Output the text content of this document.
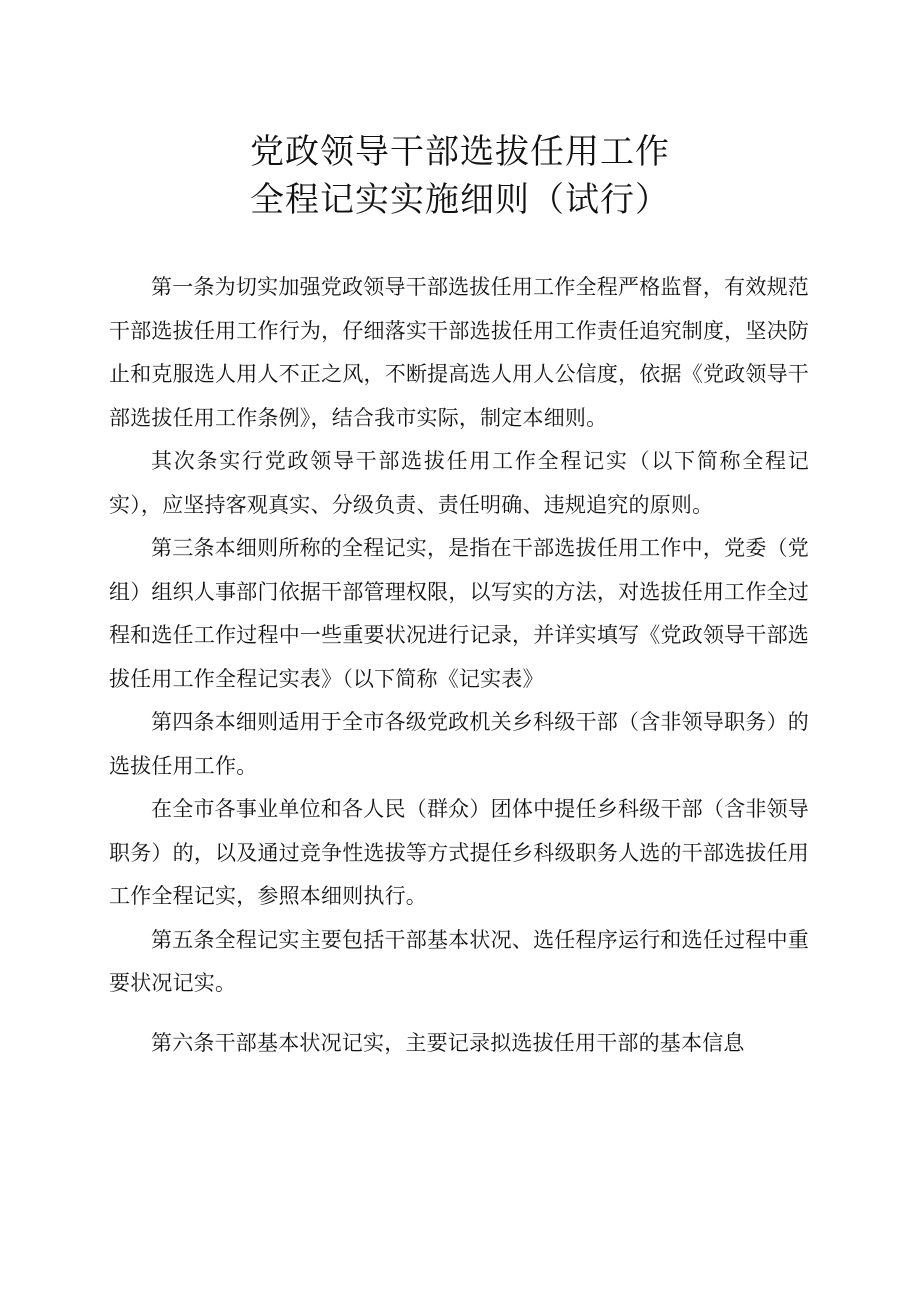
党政领导干部选拔任用工作
全程记实实施细则（试行）

第一条为切实加强党政领导干部选拔任用工作全程严格监督，有效规范干部选拔任用工作行为，仔细落实干部选拔任用工作责任追究制度，坚决防止和克服选人用人不正之风，不断提高选人用人公信度，依据《党政领导干部选拔任用工作条例》，结合我市实际，制定本细则。

其次条实行党政领导干部选拔任用工作全程记实（以下简称全程记实），应坚持客观真实、分级负责、责任明确、违规追究的原则。

第三条本细则所称的全程记实，是指在干部选拔任用工作中，党委（党组）组织人事部门依据干部管理权限，以写实的方法，对选拔任用工作全过程和选任工作过程中一些重要状况进行记录，并详实填写《党政领导干部选拔任用工作全程记实表》（以下简称《记实表》

第四条本细则适用于全市各级党政机关乡科级干部（含非领导职务）的选拔任用工作。

在全市各事业单位和各人民（群众）团体中提任乡科级干部（含非领导职务）的，以及通过竞争性选拔等方式提任乡科级职务人选的干部选拔任用工作全程记实，参照本细则执行。

第五条全程记实主要包括干部基本状况、选任程序运行和选任过程中重要状况记实。

第六条干部基本状况记实，主要记录拟选拔任用干部的基本信息
